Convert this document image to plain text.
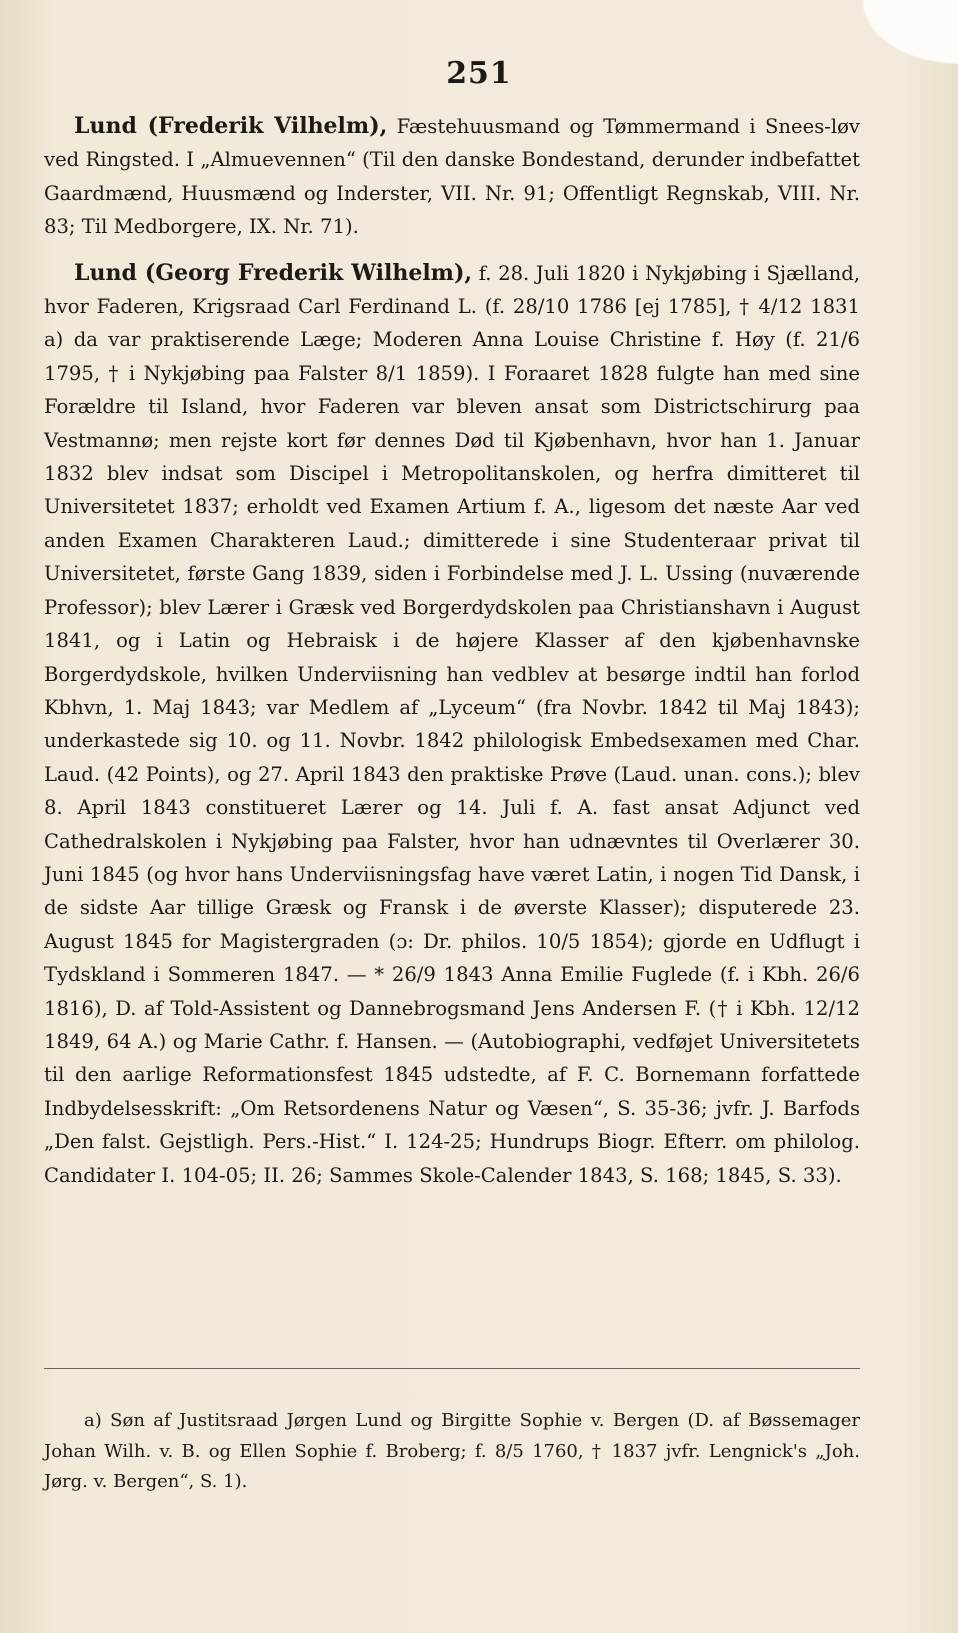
251

Lund (Frederik Vilhelm), Fæstehuusmand og Tømmermand i Snees-løv ved Ringsted. I „Almuevennen“ (Til den danske Bondestand, derunder indbefattet Gaardmænd, Huusmænd og Inderster, VII. Nr. 91; Offentligt Regnskab, VIII. Nr. 83; Til Medborgere, IX. Nr. 71).

Lund (Georg Frederik Wilhelm), f. 28. Juli 1820 i Nykjøbing i Sjælland, hvor Faderen, Krigsraad Carl Ferdinand L. (f. 28/10 1786 [ej 1785], † 4/12 1831 a) da var praktiserende Læge; Moderen Anna Louise Christine f. Høy (f. 21/6 1795, † i Nykjøbing paa Falster 8/1 1859). I Foraaret 1828 fulgte han med sine Forældre til Island, hvor Faderen var bleven ansat som Districtschirurg paa Vestmannø; men rejste kort før dennes Død til Kjøbenhavn, hvor han 1. Januar 1832 blev indsat som Discipel i Metropolitanskolen, og herfra dimitteret til Universitetet 1837; erholdt ved Examen Artium f. A., ligesom det næste Aar ved anden Examen Charakteren Laud.; dimitterede i sine Studenteraar privat til Universitetet, første Gang 1839, siden i Forbindelse med J. L. Ussing (nuværende Professor); blev Lærer i Græsk ved Borgerdydskolen paa Christianshavn i August 1841, og i Latin og Hebraisk i de højere Klasser af den kjøbenhavnske Borgerdydskole, hvilken Underviisning han vedblev at besørge indtil han forlod Kbhvn, 1. Maj 1843; var Medlem af „Lyceum“ (fra Novbr. 1842 til Maj 1843); underkastede sig 10. og 11. Novbr. 1842 philologisk Embedsexamen med Char. Laud. (42 Points), og 27. April 1843 den praktiske Prøve (Laud. unan. cons.); blev 8. April 1843 constitueret Lærer og 14. Juli f. A. fast ansat Adjunct ved Cathedralskolen i Nykjøbing paa Falster, hvor han udnævntes til Overlærer 30. Juni 1845 (og hvor hans Underviisningsfag have været Latin, i nogen Tid Dansk, i de sidste Aar tillige Græsk og Fransk i de øverste Klasser); disputerede 23. August 1845 for Magistergraden (ɔ: Dr. philos. 10/5 1854); gjorde en Udflugt i Tydskland i Sommeren 1847. — * 26/9 1843 Anna Emilie Fuglede (f. i Kbh. 26/6 1816), D. af Told-Assistent og Dannebrogsmand Jens Andersen F. († i Kbh. 12/12 1849, 64 A.) og Marie Cathr. f. Hansen. — (Autobiographi, vedføjet Universitetets til den aarlige Reformationsfest 1845 udstedte, af F. C. Bornemann forfattede Indbydelsesskrift: „Om Retsordenens Natur og Væsen“, S. 35-36; jvfr. J. Barfods „Den falst. Gejstligh. Pers.-Hist.“ I. 124-25; Hundrups Biogr. Efterr. om philolog. Candidater I. 104-05; II. 26; Sammes Skole-Calender 1843, S. 168; 1845, S. 33).

a) Søn af Justitsraad Jørgen Lund og Birgitte Sophie v. Bergen (D. af Bøssemager Johan Wilh. v. B. og Ellen Sophie f. Broberg; f. 8/5 1760, † 1837 jvfr. Lengnick's „Joh. Jørg. v. Bergen“, S. 1).
